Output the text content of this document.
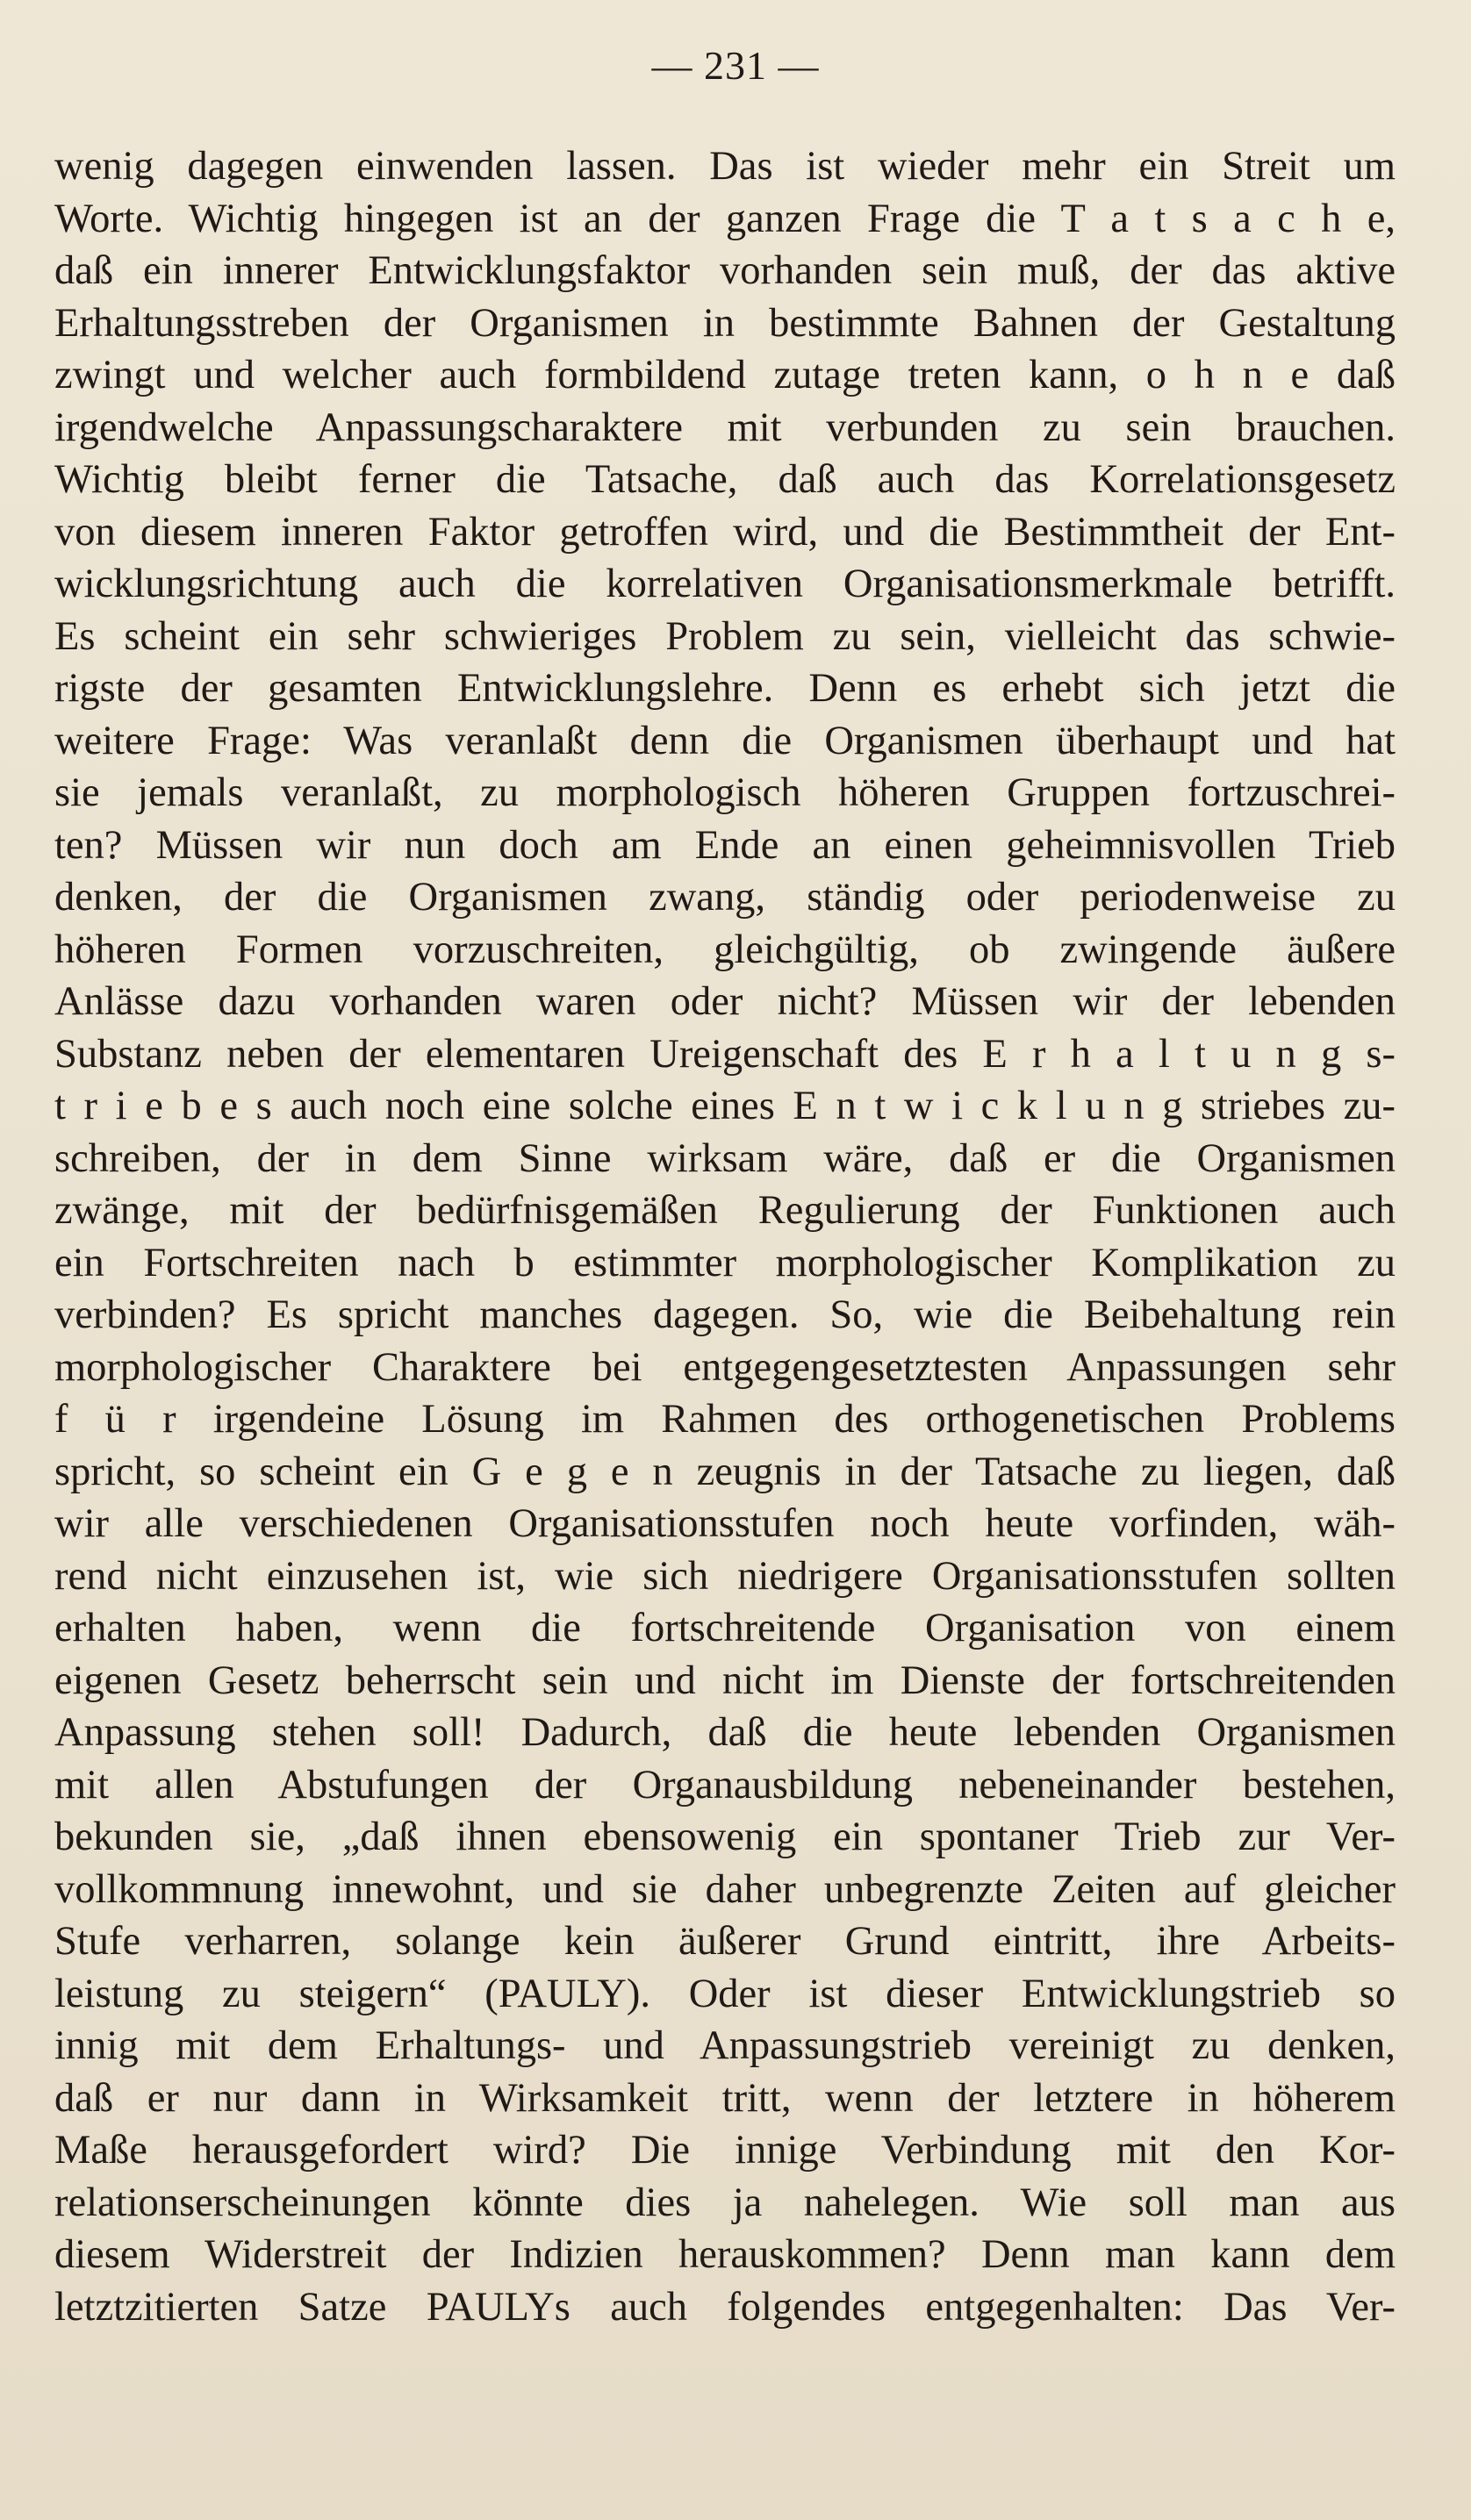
— 231 —
wenig dagegen einwenden lassen. Das ist wieder mehr ein Streit um
Worte. Wichtig hingegen ist an der ganzen Frage die T a t s a c h e,
daß ein innerer Entwicklungsfaktor vorhanden sein muß, der das aktive
Erhaltungsstreben der Organismen in bestimmte Bahnen der Gestaltung
zwingt und welcher auch formbildend zutage treten kann, o h n e daß
irgendwelche Anpassungscharaktere mit verbunden zu sein brauchen.
Wichtig bleibt ferner die Tatsache, daß auch das Korrelationsgesetz
von diesem inneren Faktor getroffen wird, und die Bestimmtheit der Ent-
wicklungsrichtung auch die korrelativen Organisationsmerkmale betrifft.
Es scheint ein sehr schwieriges Problem zu sein, vielleicht das schwie-
rigste der gesamten Entwicklungslehre. Denn es erhebt sich jetzt die
weitere Frage: Was veranlaßt denn die Organismen überhaupt und hat
sie jemals veranlaßt, zu morphologisch höheren Gruppen fortzuschrei-
ten? Müssen wir nun doch am Ende an einen geheimnisvollen Trieb
denken, der die Organismen zwang, ständig oder periodenweise zu
höheren Formen vorzuschreiten, gleichgültig, ob zwingende äußere
Anlässe dazu vorhanden waren oder nicht? Müssen wir der lebenden
Substanz neben der elementaren Ureigenschaft des E r h a l t u n g s-
t r i e b e s auch noch eine solche eines E n t w i c k l u n g striebes zu-
schreiben, der in dem Sinne wirksam wäre, daß er die Organismen
zwänge, mit der bedürfnisgemäßen Regulierung der Funktionen auch
ein Fortschreiten nach b estimmter morphologischer Komplikation zu
verbinden? Es spricht manches dagegen. So, wie die Beibehaltung rein
morphologischer Charaktere bei entgegengesetztesten Anpassungen sehr
f ü r irgendeine Lösung im Rahmen des orthogenetischen Problems
spricht, so scheint ein G e g e n zeugnis in der Tatsache zu liegen, daß
wir alle verschiedenen Organisationsstufen noch heute vorfinden, wäh-
rend nicht einzusehen ist, wie sich niedrigere Organisationsstufen sollten
erhalten haben, wenn die fortschreitende Organisation von einem
eigenen Gesetz beherrscht sein und nicht im Dienste der fortschreitenden
Anpassung stehen soll! Dadurch, daß die heute lebenden Organismen
mit allen Abstufungen der Organausbildung nebeneinander bestehen,
bekunden sie, „daß ihnen ebensowenig ein spontaner Trieb zur Ver-
vollkommnung innewohnt, und sie daher unbegrenzte Zeiten auf gleicher
Stufe verharren, solange kein äußerer Grund eintritt, ihre Arbeits-
leistung zu steigern“ (PAULY). Oder ist dieser Entwicklungstrieb so
innig mit dem Erhaltungs- und Anpassungstrieb vereinigt zu denken,
daß er nur dann in Wirksamkeit tritt, wenn der letztere in höherem
Maße herausgefordert wird? Die innige Verbindung mit den Kor-
relationserscheinungen könnte dies ja nahelegen. Wie soll man aus
diesem Widerstreit der Indizien herauskommen? Denn man kann dem
letztzitierten Satze PAULYs auch folgendes entgegenhalten: Das Ver-
